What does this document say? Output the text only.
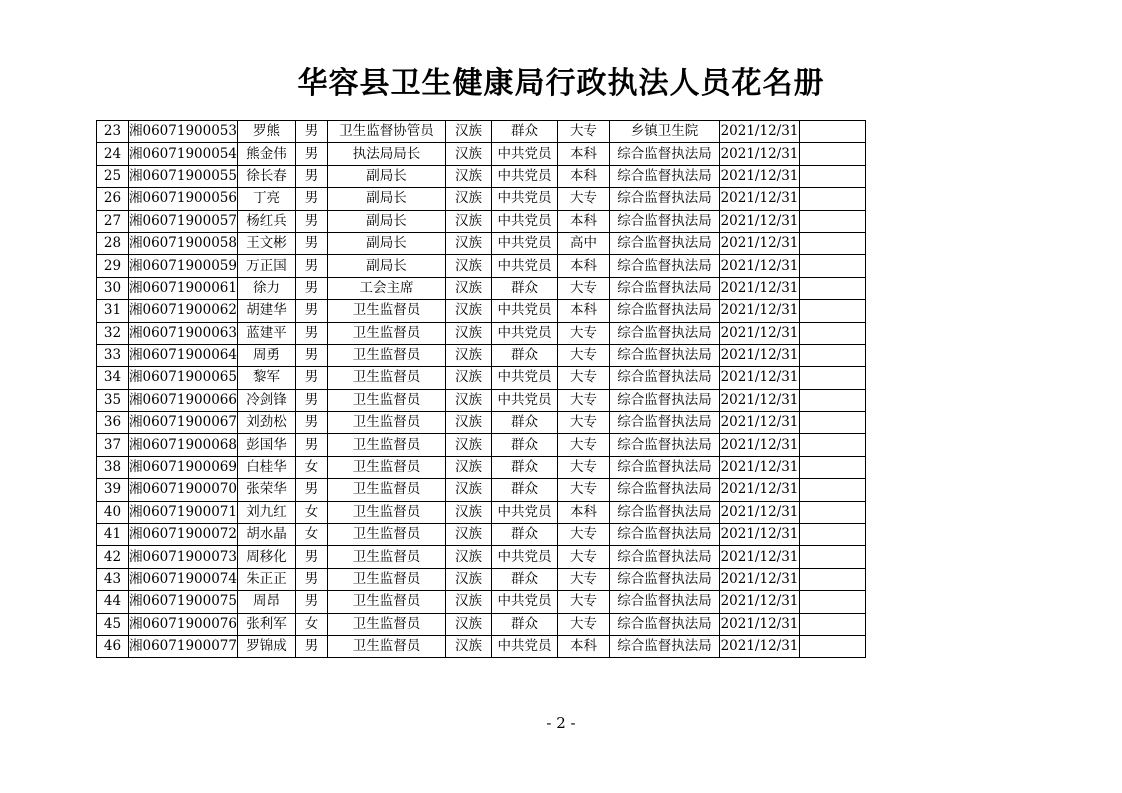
华容县卫生健康局行政执法人员花名册
23	湘06071900053	罗熊	男	卫生监督协管员	汉族	群众	大专	乡镇卫生院	2021/12/31	
24	湘06071900054	熊金伟	男	执法局局长	汉族	中共党员	本科	综合监督执法局	2021/12/31	
25	湘06071900055	徐长春	男	副局长	汉族	中共党员	本科	综合监督执法局	2021/12/31	
26	湘06071900056	丁亮	男	副局长	汉族	中共党员	大专	综合监督执法局	2021/12/31	
27	湘06071900057	杨红兵	男	副局长	汉族	中共党员	本科	综合监督执法局	2021/12/31	
28	湘06071900058	王文彬	男	副局长	汉族	中共党员	高中	综合监督执法局	2021/12/31	
29	湘06071900059	万正国	男	副局长	汉族	中共党员	本科	综合监督执法局	2021/12/31	
30	湘06071900061	徐力	男	工会主席	汉族	群众	大专	综合监督执法局	2021/12/31	
31	湘06071900062	胡建华	男	卫生监督员	汉族	中共党员	本科	综合监督执法局	2021/12/31	
32	湘06071900063	蓝建平	男	卫生监督员	汉族	中共党员	大专	综合监督执法局	2021/12/31	
33	湘06071900064	周勇	男	卫生监督员	汉族	群众	大专	综合监督执法局	2021/12/31	
34	湘06071900065	黎军	男	卫生监督员	汉族	中共党员	大专	综合监督执法局	2021/12/31	
35	湘06071900066	冷剑锋	男	卫生监督员	汉族	中共党员	大专	综合监督执法局	2021/12/31	
36	湘06071900067	刘劲松	男	卫生监督员	汉族	群众	大专	综合监督执法局	2021/12/31	
37	湘06071900068	彭国华	男	卫生监督员	汉族	群众	大专	综合监督执法局	2021/12/31	
38	湘06071900069	白桂华	女	卫生监督员	汉族	群众	大专	综合监督执法局	2021/12/31	
39	湘06071900070	张荣华	男	卫生监督员	汉族	群众	大专	综合监督执法局	2021/12/31	
40	湘06071900071	刘九红	女	卫生监督员	汉族	中共党员	本科	综合监督执法局	2021/12/31	
41	湘06071900072	胡水晶	女	卫生监督员	汉族	群众	大专	综合监督执法局	2021/12/31	
42	湘06071900073	周移化	男	卫生监督员	汉族	中共党员	大专	综合监督执法局	2021/12/31	
43	湘06071900074	朱正正	男	卫生监督员	汉族	群众	大专	综合监督执法局	2021/12/31	
44	湘06071900075	周昂	男	卫生监督员	汉族	中共党员	大专	综合监督执法局	2021/12/31	
45	湘06071900076	张利军	女	卫生监督员	汉族	群众	大专	综合监督执法局	2021/12/31	
46	湘06071900077	罗锦成	男	卫生监督员	汉族	中共党员	本科	综合监督执法局	2021/12/31	
- 2 -
